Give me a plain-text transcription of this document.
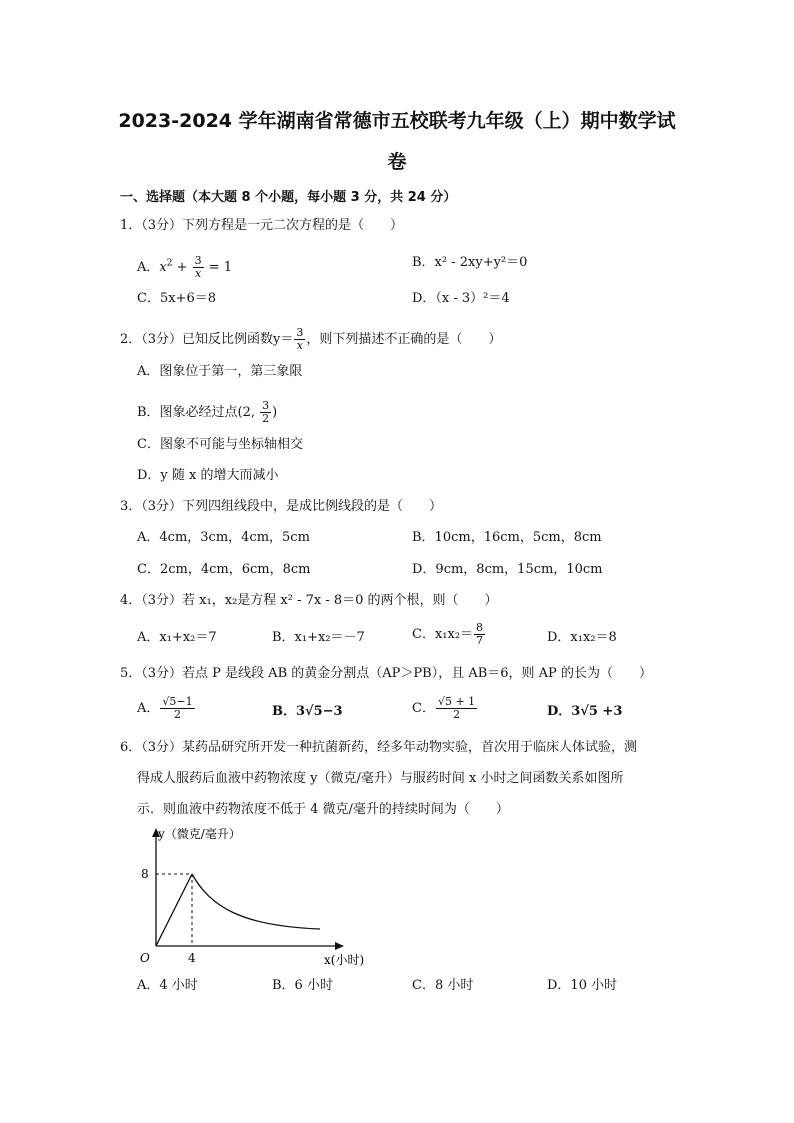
2023-2024 学年湖南省常德市五校联考九年级（上）期中数学试
卷
一、选择题（本大题 8 个小题，每小题 3 分，共 24 分）
1．（3分）下列方程是一元二次方程的是（　　）
A．$x^2 + \frac{3}{x} = 1$	B．x² - 2xy+y²＝0
C．5x+6＝8	D．（x - 3）²＝4
2．（3分）已知反比例函数$y= \frac{3}{x}$ ，则下列描述不正确的是（　　）
A．图象位于第一，第三象限
B．图象必经过点(2, $\frac{3}{2}$ )
C．图象不可能与坐标轴相交
D．y 随 x 的增大而减小
3．（3分）下列四组线段中，是成比例线段的是（　　）
A．4cm，3cm，4cm，5cm	B．10cm，16cm，5cm，8cm
C．2cm，4cm，6cm，8cm	D．9cm，8cm，15cm，10cm
4．（3分）若 x₁，x₂是方程 x² - 7x - 8＝0 的两个根，则（　　）
A．x₁+x₂＝7	B．x₁+x₂＝－7	C．$x_1x_2= \frac{8}{7}$	D．x₁x₂＝8
5．（3分）若点 P 是线段 AB 的黄金分割点（AP＞PB），且 AB＝6，则 AP 的长为（　　）
A． $\frac{√5-1}{2}$	B．3√5−3	C． $\frac{√5 + 1}{2}$	D．3√5 +3
6．（3分）某药品研究所开发一种抗菌新药，经多年动物实验，首次用于临床人体试验，测
得成人服药后血液中药物浓度 y（微克/毫升）与服药时间 x 小时之间函数关系如图所
示．则血液中药物浓度不低于 4 微克/毫升的持续时间为（　　）
y（微克/毫升）
8
4
O	x(小时)
A．4 小时	B．6 小时	C．8 小时	D．10 小时
